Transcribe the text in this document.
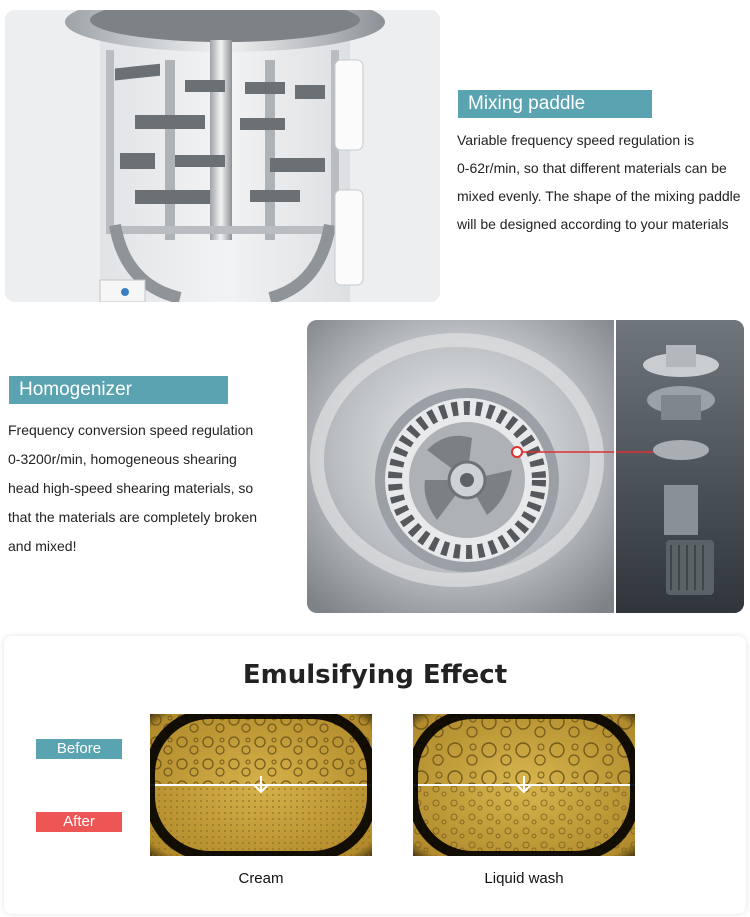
Mixing paddle
Variable frequency speed regulation is
0-62r/min, so that different materials can be
mixed evenly. The shape of the mixing paddle
will be designed according to your materials
Homogenizer
Frequency conversion speed regulation
0-3200r/min, homogeneous shearing
head high-speed shearing materials, so
that the materials are completely broken
and mixed!
Emulsifying Effect
Before
After
Cream	Liquid wash
